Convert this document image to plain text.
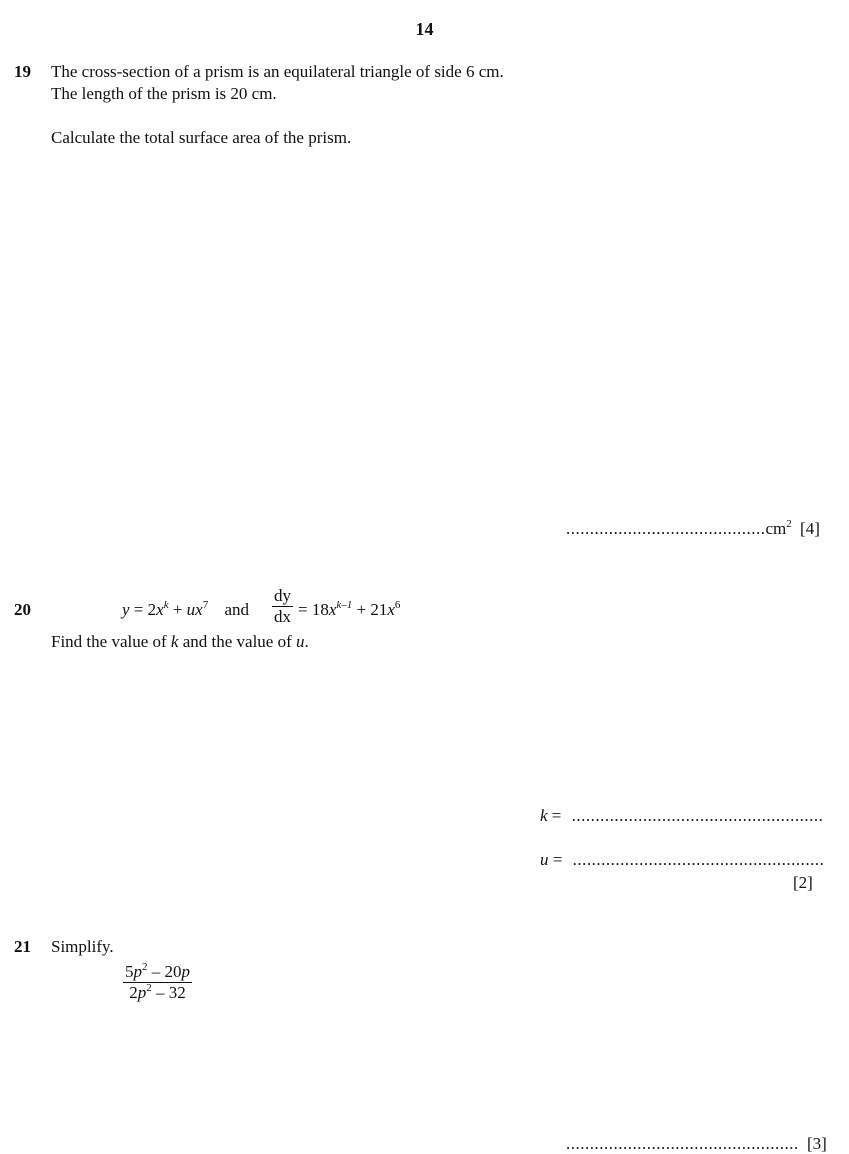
14
19 The cross-section of a prism is an equilateral triangle of side 6 cm.
The length of the prism is 20 cm.
Calculate the total surface area of the prism.
$..........................................cm^2$ [4]
20	$y = 2x^k + ux^7$ and
dy
dx = $18x^{k-1} + 21x^6$
Find the value of k and the value of u.
k = .....................................................
u = .....................................................
[2]
21 Simplify.
$5p^2 - 20p$
$2p^2 - 32$
................................................. [3]
